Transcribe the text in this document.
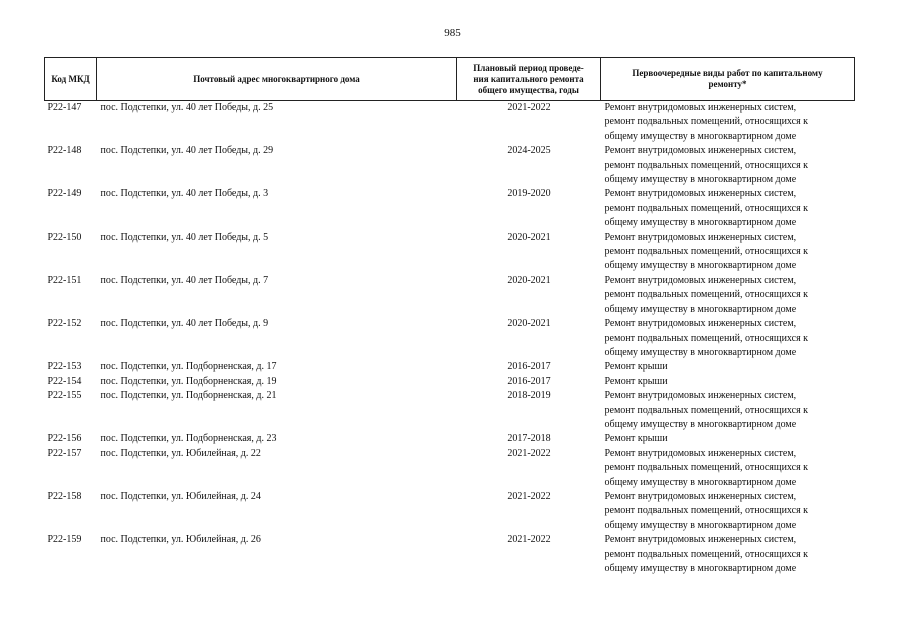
985
Код МКД	Почтовый адрес многоквартирного дома	Плановый период проведе-
ния капитального ремонта
общего имущества, годы	Первоочередные виды работ по капитальному
ремонту*

Р22-147	пос. Подстепки, ул. 40 лет Победы, д. 25	2021-2022	Ремонт внутридомовых инженерных систем,
ремонт подвальных помещений, относящихся к
общему имуществу в многоквартирном доме

Р22-148	пос. Подстепки, ул. 40 лет Победы, д. 29	2024-2025	Ремонт внутридомовых инженерных систем,
ремонт подвальных помещений, относящихся к
общему имуществу в многоквартирном доме

Р22-149	пос. Подстепки, ул. 40 лет Победы, д. 3	2019-2020	Ремонт внутридомовых инженерных систем,
ремонт подвальных помещений, относящихся к
общему имуществу в многоквартирном доме

Р22-150	пос. Подстепки, ул. 40 лет Победы, д. 5	2020-2021	Ремонт внутридомовых инженерных систем,
ремонт подвальных помещений, относящихся к
общему имуществу в многоквартирном доме

Р22-151	пос. Подстепки, ул. 40 лет Победы, д. 7	2020-2021	Ремонт внутридомовых инженерных систем,
ремонт подвальных помещений, относящихся к
общему имуществу в многоквартирном доме

Р22-152	пос. Подстепки, ул. 40 лет Победы, д. 9	2020-2021	Ремонт внутридомовых инженерных систем,
ремонт подвальных помещений, относящихся к
общему имуществу в многоквартирном доме

Р22-153	пос. Подстепки, ул. Подборненская, д. 17	2016-2017	Ремонт крыши

Р22-154	пос. Подстепки, ул. Подборненская, д. 19	2016-2017	Ремонт крыши

Р22-155	пос. Подстепки, ул. Подборненская, д. 21	2018-2019	Ремонт внутридомовых инженерных систем,
ремонт подвальных помещений, относящихся к
общему имуществу в многоквартирном доме

Р22-156	пос. Подстепки, ул. Подборненская, д. 23	2017-2018	Ремонт крыши

Р22-157	пос. Подстепки, ул. Юбилейная, д. 22	2021-2022	Ремонт внутридомовых инженерных систем,
ремонт подвальных помещений, относящихся к
общему имуществу в многоквартирном доме

Р22-158	пос. Подстепки, ул. Юбилейная, д. 24	2021-2022	Ремонт внутридомовых инженерных систем,
ремонт подвальных помещений, относящихся к
общему имуществу в многоквартирном доме

Р22-159	пос. Подстепки, ул. Юбилейная, д. 26	2021-2022	Ремонт внутридомовых инженерных систем,
ремонт подвальных помещений, относящихся к
общему имуществу в многоквартирном доме
